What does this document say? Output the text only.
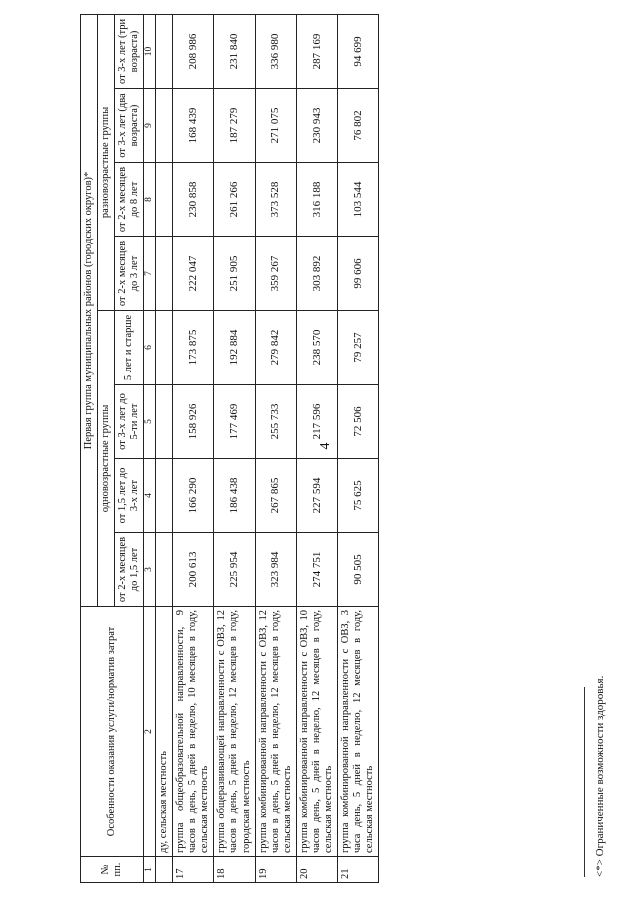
4
№ пп.	Особенности оказания услуги/норматив затрат	Первая группа муниципальных районов (городских округов)*							
		одновозрастные группы				разновозрастные группы			
		от 2-х месяцев до 1,5 лет	от 1,5 лет до 3-х лет	от 3-х лет до 5-ти лет	5 лет и старше	от 2-х месяцев до 3 лет	от 2-х месяцев до 8 лет	от 3-х лет (два возраста)	от 3-х лет (три возраста)
1	2	3	4	5	6	7	8	9	10
	ду, сельская местность								
17	группа общеобразовательной направленности, 9 часов в день, 5 дней в неделю, 10 месяцев в году, сельская местность	200 613	166 290	158 926	173 875	222 047	230 858	168 439	208 986
18	группа общеразвивающей направленности с ОВЗ, 12 часов в день, 5 дней в неделю, 12 месяцев в году, городская местность	225 954	186 438	177 469	192 884	251 905	261 266	187 279	231 840
19	группа комбинированной направленности с ОВЗ, 12 часов в день, 5 дней в неделю, 12 месяцев в году, сельская местность	323 984	267 865	255 733	279 842	359 267	373 528	271 075	336 980
20	группа комбинированной направленности с ОВЗ, 10 часов день, 5 дней в неделю, 12 месяцев в году, сельская местность	274 751	227 594	217 596	238 570	303 892	316 188	230 943	287 169
21	группа комбинированной направленности с ОВЗ, 3 часа день, 5 дней в неделю, 12 месяцев в году, сельская местность	90 505	75 625	72 506	79 257	99 606	103 544	76 802	94 699
<*> Ограниченные возможности здоровья.
